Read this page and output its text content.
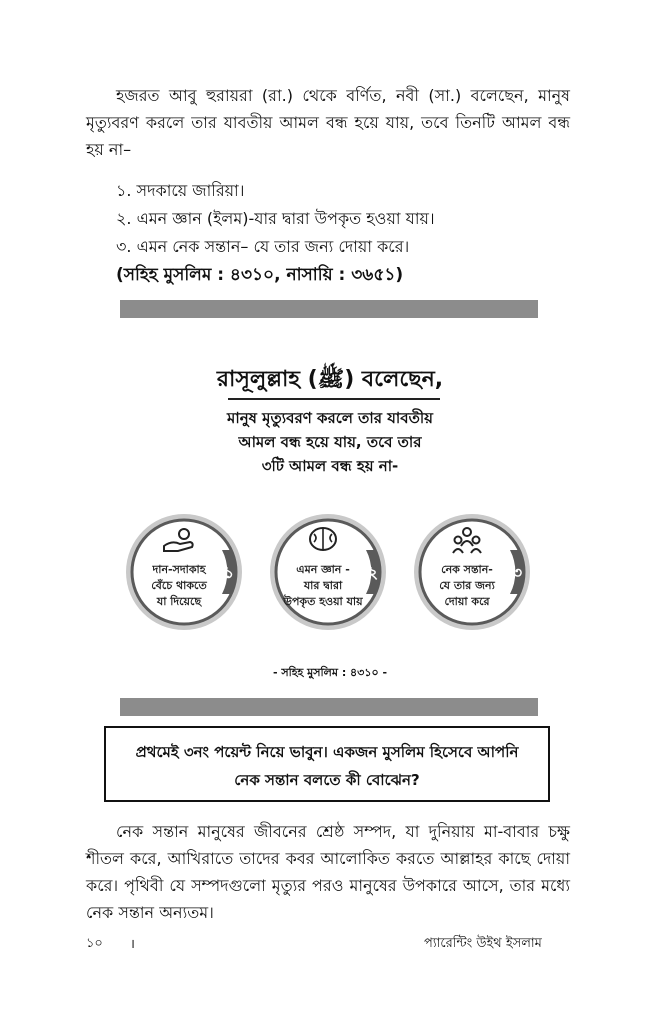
হজরত আবু হুরায়রা (রা.) থেকে বর্ণিত, নবী (সা.) বলেছেন, মানুষ মৃত্যুবরণ করলে তার যাবতীয় আমল বন্ধ হয়ে যায়, তবে তিনটি আমল বন্ধ হয় না–

১. সদকায়ে জারিয়া।

২. এমন জ্ঞান (ইলম)-যার দ্বারা উপকৃত হওয়া যায়।

৩. এমন নেক সন্তান– যে তার জন্য দোয়া করে।

(সহিহ মুসলিম : ৪৩১০, নাসায়ি : ৩৬৫১)

রাসূলুল্লাহ (ﷺ) বলেছেন,

মানুষ মৃত্যুবরণ করলে তার যাবতীয়
আমল বন্ধ হয়ে যায়, তবে তার
৩টি আমল বন্ধ হয় না-

দান-সদাকাহ
বেঁচে থাকতে
যা দিয়েছে
১	এমন জ্ঞান -
যার দ্বারা
উপকৃত হওয়া যায়
২	নেক সন্তান-
যে তার জন্য
দোয়া করে
৩

- সহিহ মুসলিম : ৪৩১০ -

প্রথমেই ৩নং পয়েন্ট নিয়ে ভাবুন। একজন মুসলিম হিসেবে আপনি নেক সন্তান বলতে কী বোঝেন?

নেক সন্তান মানুষের জীবনের শ্রেষ্ঠ সম্পদ, যা দুনিয়ায় মা-বাবার চক্ষু শীতল করে, আখিরাতে তাদের কবর আলোকিত করতে আল্লাহর কাছে দোয়া করে। পৃথিবী যে সম্পদগুলো মৃত্যুর পরও মানুষের উপকারে আসে, তার মধ্যে নেক সন্তান অন্যতম।

১০ ।	প্যারেন্টিং উইথ ইসলাম
